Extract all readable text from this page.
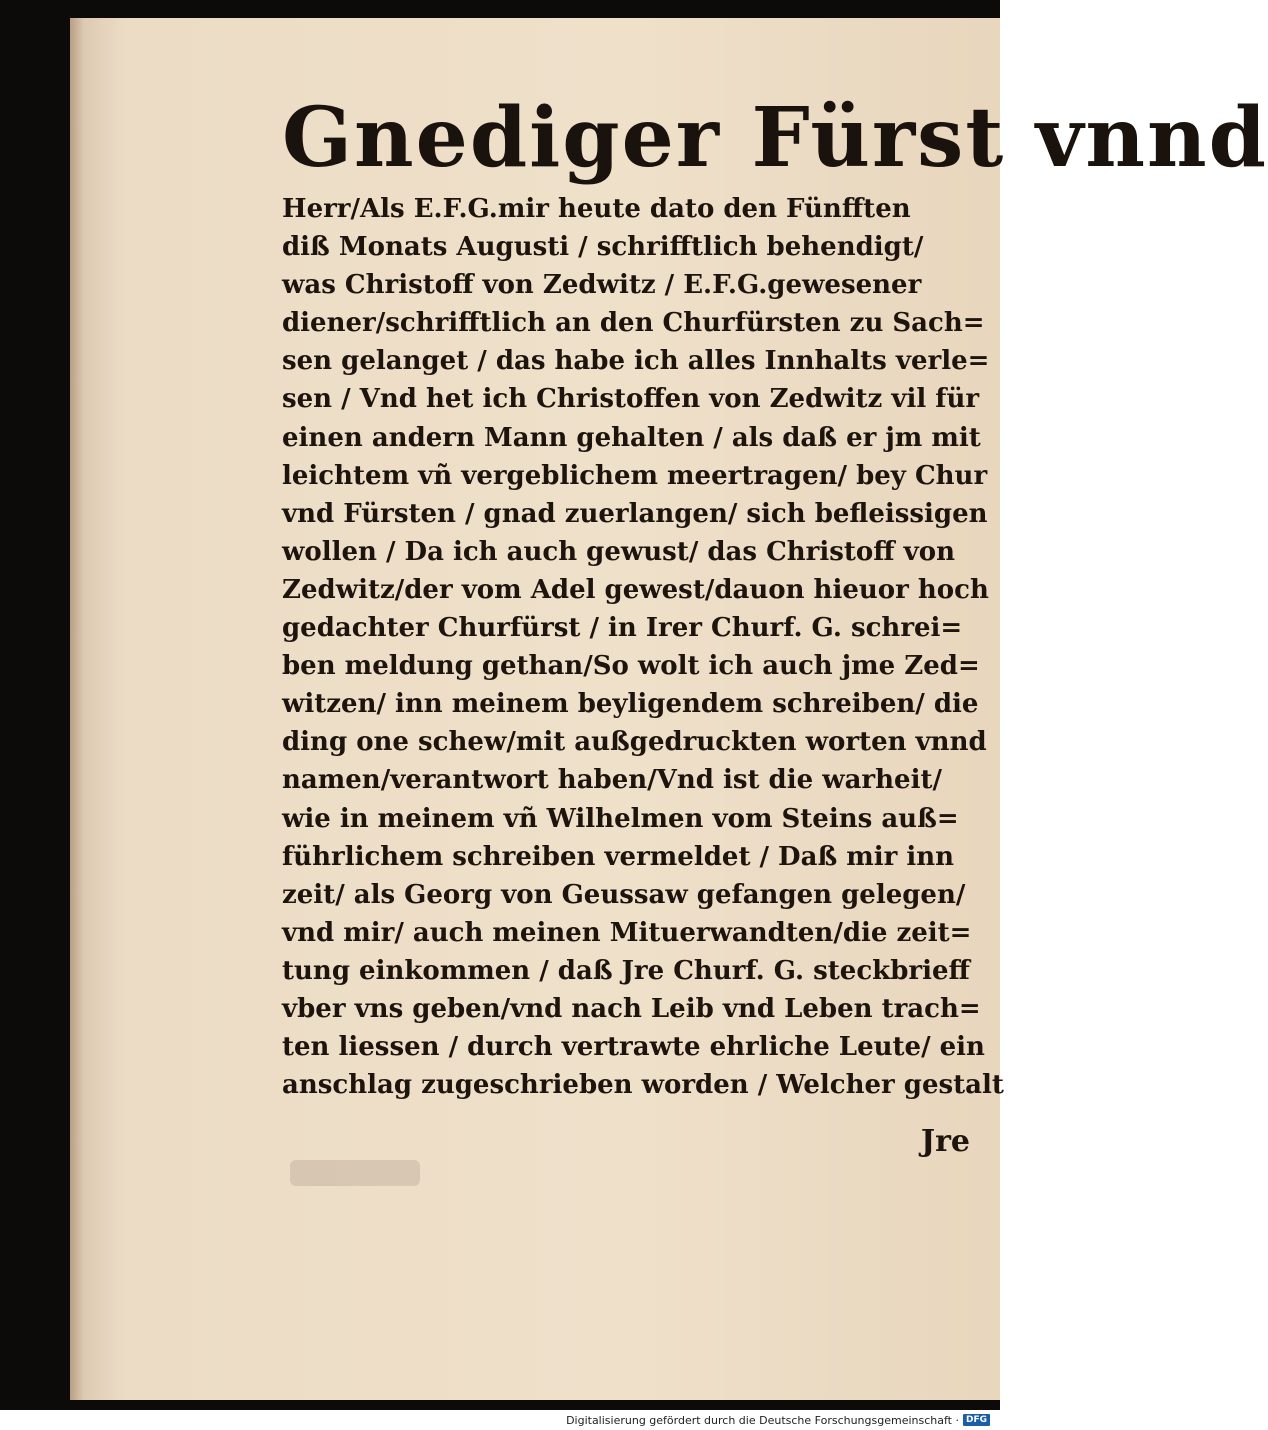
Gnediger Fürst vnnd
Herr/Als E.F.G.mir heute dato den Fünfften
diß Monats Augusti / schrifftlich behendigt/
was Christoff von Zedwitz / E.F.G.gewesener
diener/schrifftlich an den Churfürsten zu Sach=
sen gelanget / das habe ich alles Innhalts verle=
sen / Vnd het ich Christoffen von Zedwitz vil für
einen andern Mann gehalten / als daß er jm mit
leichtem vñ vergeblichem meertragen/ bey Chur
vnd Fürsten / gnad zuerlangen/ sich befleissigen
wollen / Da ich auch gewust/ das Christoff von
Zedwitz/der vom Adel gewest/dauon hieuor hoch
gedachter Churfürst / in Irer Churf. G. schrei=
ben meldung gethan/So wolt ich auch jme Zed=
witzen/ inn meinem beyligendem schreiben/ die
ding one schew/mit außgedruckten worten vnnd
namen/verantwort haben/Vnd ist die warheit/
wie in meinem vñ Wilhelmen vom Steins auß=
führlichem schreiben vermeldet / Daß mir inn
zeit/ als Georg von Geussaw gefangen gelegen/
vnd mir/ auch meinen Mituerwandten/die zeit=
tung einkommen / daß Jre Churf. G. steckbrieff
vber vns geben/vnd nach Leib vnd Leben trach=
ten liessen / durch vertrawte ehrliche Leute/ ein
anschlag zugeschrieben worden / Welcher gestalt
Jre
Digitalisierung gefördert durch die Deutsche Forschungsgemeinschaft · DFG
